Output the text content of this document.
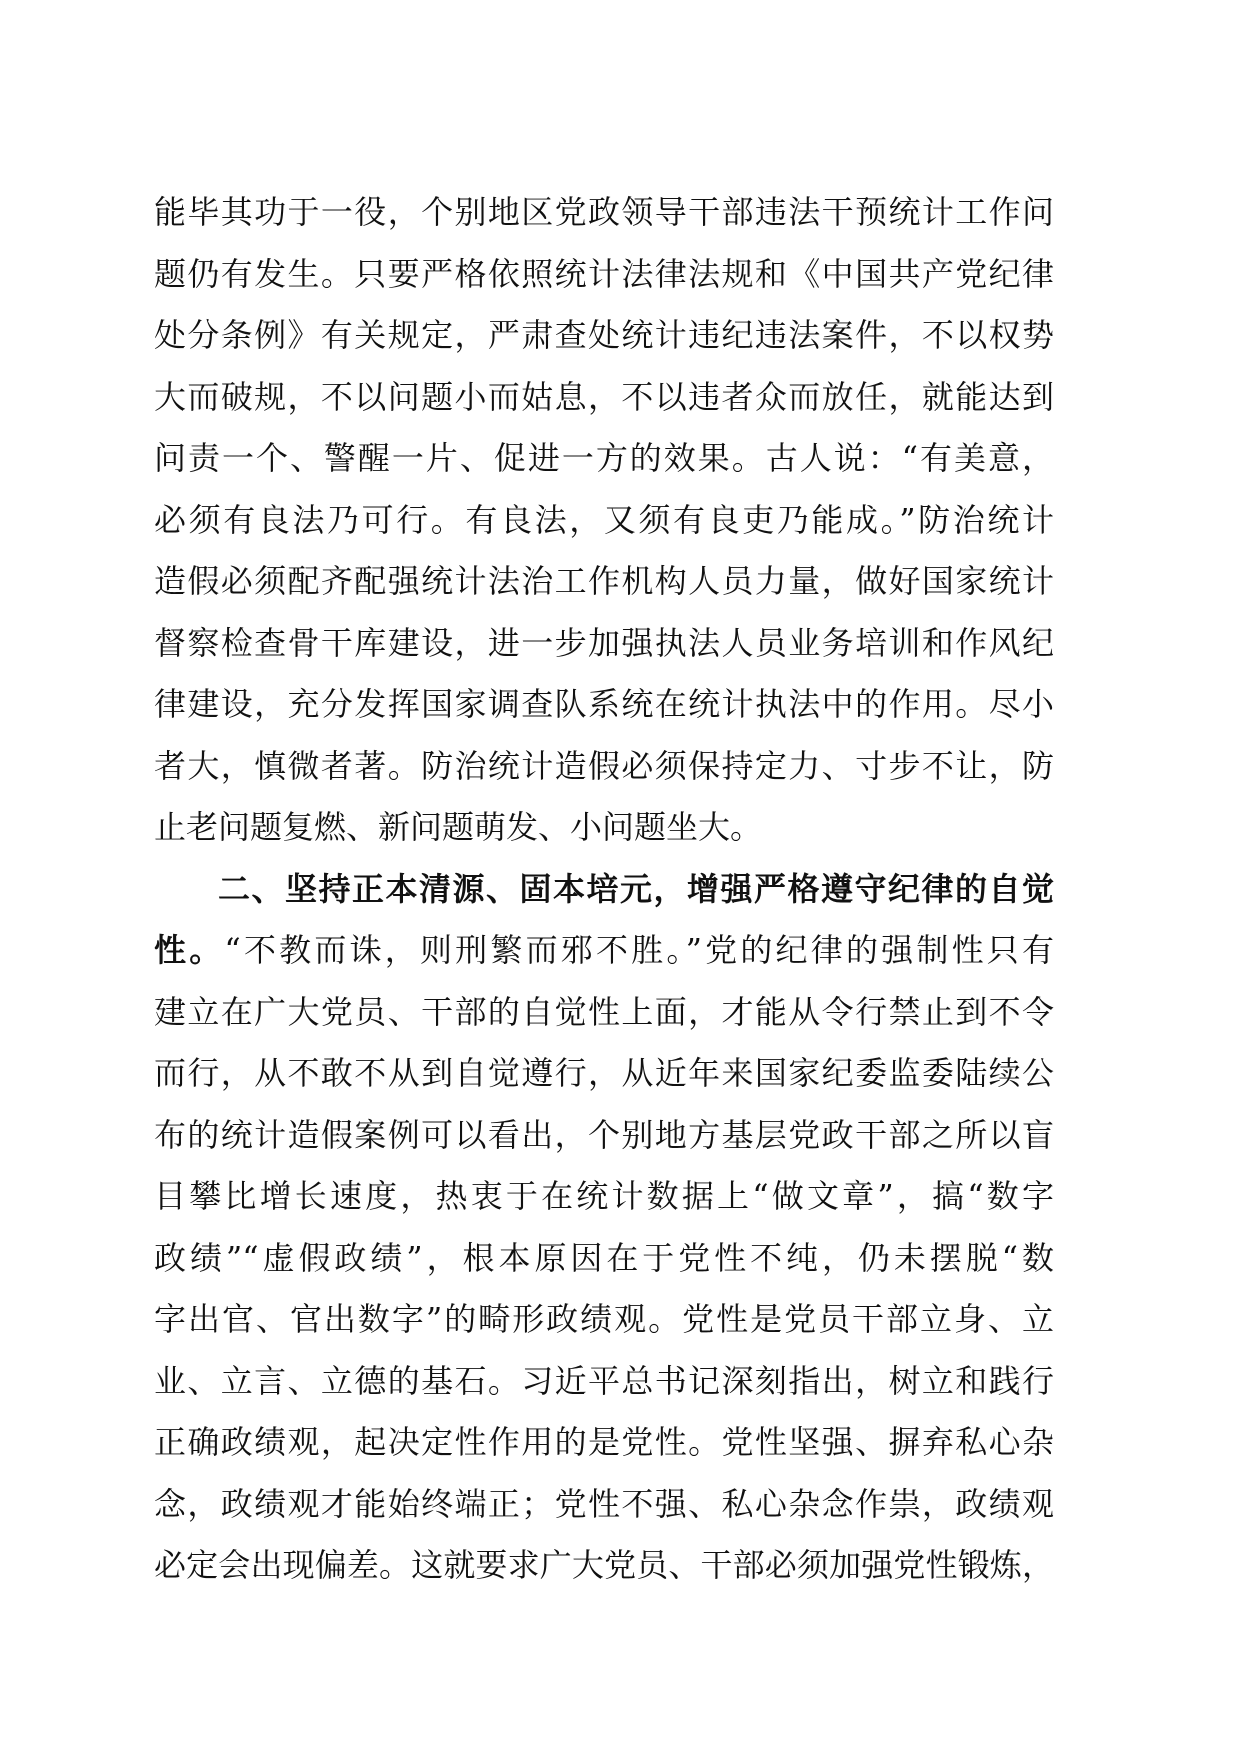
能毕其功于一役，个别地区党政领导干部违法干预统计工作问
题仍有发生。只要严格依照统计法律法规和《中国共产党纪律
处分条例》有关规定，严肃查处统计违纪违法案件，不以权势
大而破规，不以问题小而姑息，不以违者众而放任，就能达到
问责一个、警醒一片、促进一方的效果。古人说：“有美意，
必须有良法乃可行。有良法，又须有良吏乃能成。”防治统计
造假必须配齐配强统计法治工作机构人员力量，做好国家统计
督察检查骨干库建设，进一步加强执法人员业务培训和作风纪
律建设，充分发挥国家调查队系统在统计执法中的作用。尽小
者大，慎微者著。防治统计造假必须保持定力、寸步不让，防
止老问题复燃、新问题萌发、小问题坐大。
二、坚持正本清源、固本培元，增强严格遵守纪律的自觉
性。“不教而诛，则刑繁而邪不胜。”党的纪律的强制性只有
建立在广大党员、干部的自觉性上面，才能从令行禁止到不令
而行，从不敢不从到自觉遵行，从近年来国家纪委监委陆续公
布的统计造假案例可以看出，个别地方基层党政干部之所以盲
目攀比增长速度，热衷于在统计数据上“做文章”，搞“数字
政绩”“虚假政绩”，根本原因在于党性不纯，仍未摆脱“数
字出官、官出数字”的畸形政绩观。党性是党员干部立身、立
业、立言、立德的基石。习近平总书记深刻指出，树立和践行
正确政绩观，起决定性作用的是党性。党性坚强、摒弃私心杂
念，政绩观才能始终端正；党性不强、私心杂念作祟，政绩观
必定会出现偏差。这就要求广大党员、干部必须加强党性锻炼，
